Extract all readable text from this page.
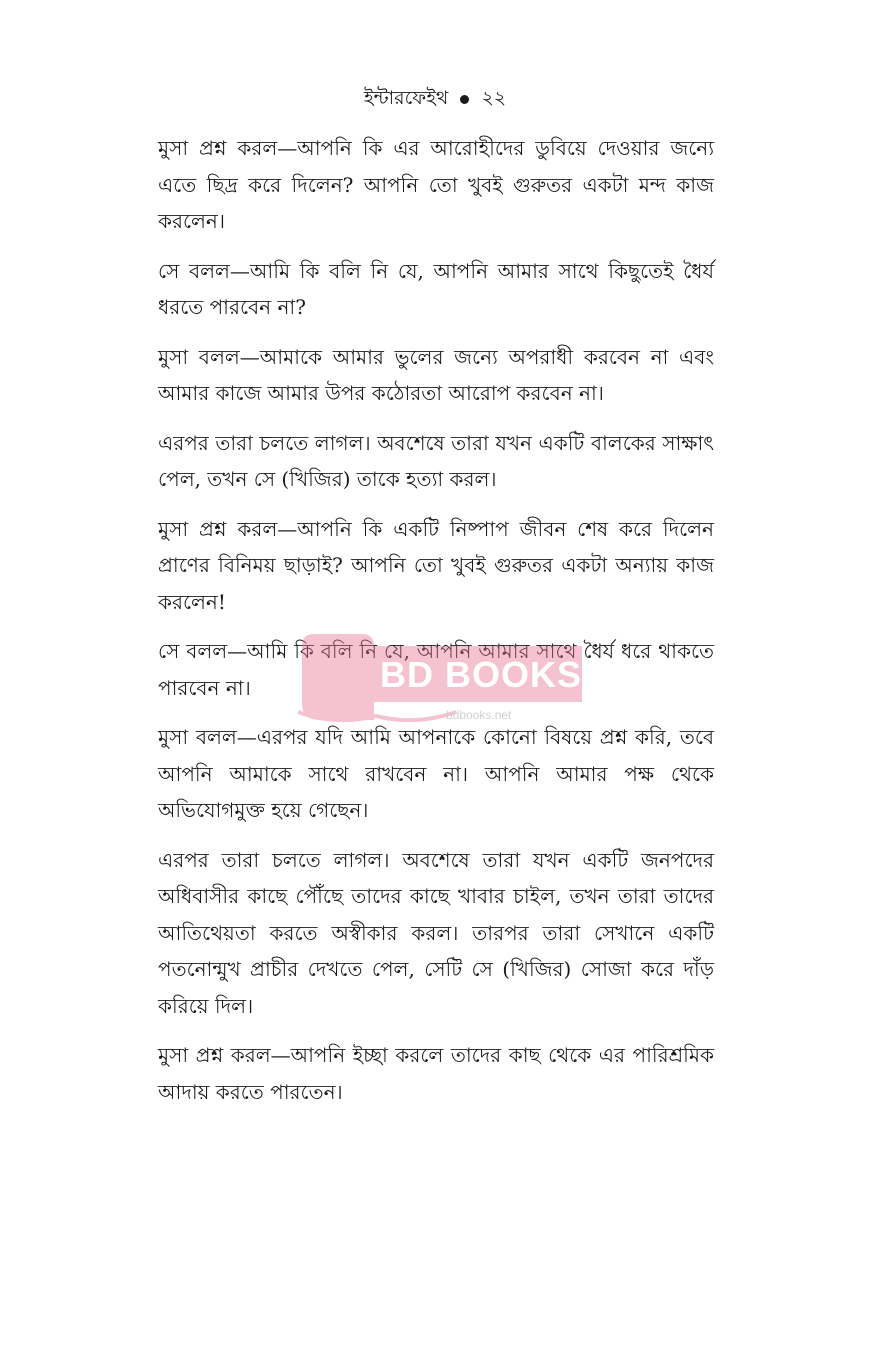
ইন্টারফেইথ ২২

মুসা প্রশ্ন করল—আপনি কি এর আরোহীদের ডুবিয়ে দেওয়ার জন্যে এতে ছিদ্র করে দিলেন? আপনি তো খুবই গুরুতর একটা মন্দ কাজ করলেন।

সে বলল—আমি কি বলি নি যে, আপনি আমার সাথে কিছুতেই ধৈর্য ধরতে পারবেন না?

মুসা বলল—আমাকে আমার ভুলের জন্যে অপরাধী করবেন না এবং আমার কাজে আমার উপর কঠোরতা আরোপ করবেন না।

এরপর তারা চলতে লাগল। অবশেষে তারা যখন একটি বালকের সাক্ষাৎ পেল, তখন সে (খিজির) তাকে হত্যা করল।

মুসা প্রশ্ন করল—আপনি কি একটি নিষ্পাপ জীবন শেষ করে দিলেন প্রাণের বিনিময় ছাড়াই? আপনি তো খুবই গুরুতর একটা অন্যায় কাজ করলেন!

সে বলল—আমি কি বলি নি যে, আপনি আমার সাথে ধৈর্য ধরে থাকতে পারবেন না।

মুসা বলল—এরপর যদি আমি আপনাকে কোনো বিষয়ে প্রশ্ন করি, তবে আপনি আমাকে সাথে রাখবেন না। আপনি আমার পক্ষ থেকে অভিযোগমুক্ত হয়ে গেছেন।

এরপর তারা চলতে লাগল। অবশেষে তারা যখন একটি জনপদের অধিবাসীর কাছে পৌঁছে তাদের কাছে খাবার চাইল, তখন তারা তাদের আতিথেয়তা করতে অস্বীকার করল। তারপর তারা সেখানে একটি পতনোন্মুখ প্রাচীর দেখতে পেল, সেটি সে (খিজির) সোজা করে দাঁড় করিয়ে দিল।

মুসা প্রশ্ন করল—আপনি ইচ্ছা করলে তাদের কাছ থেকে এর পারিশ্রমিক আদায় করতে পারতেন।

BD BOOKS
bdbooks.net
